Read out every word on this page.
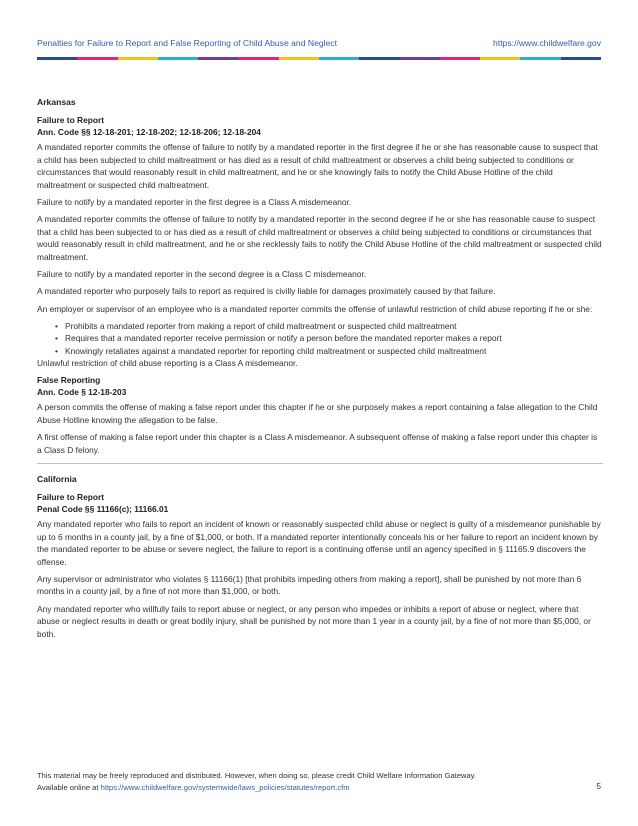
Penalties for Failure to Report and False Reporting of Child Abuse and Neglect	https://www.childwelfare.gov

Arkansas

Failure to Report

Ann. Code §§ 12-18-201; 12-18-202; 12-18-206; 12-18-204

A mandated reporter commits the offense of failure to notify by a mandated reporter in the first degree if he or she has reasonable cause to suspect that a child has been subjected to child maltreatment or has died as a result of child maltreatment or observes a child being subjected to conditions or circumstances that would reasonably result in child maltreatment, and he or she knowingly fails to notify the Child Abuse Hotline of the child maltreatment or suspected child maltreatment.

Failure to notify by a mandated reporter in the first degree is a Class A misdemeanor.

A mandated reporter commits the offense of failure to notify by a mandated reporter in the second degree if he or she has reasonable cause to suspect that a child has been subjected to or has died as a result of child maltreatment or observes a child being subjected to conditions or circumstances that would reasonably result in child maltreatment, and he or she recklessly fails to notify the Child Abuse Hotline of the child maltreatment or suspected child maltreatment.

Failure to notify by a mandated reporter in the second degree is a Class C misdemeanor.

A mandated reporter who purposely fails to report as required is civilly liable for damages proximately caused by that failure.

An employer or supervisor of an employee who is a mandated reporter commits the offense of unlawful restriction of child abuse reporting if he or she:

• Prohibits a mandated reporter from making a report of child maltreatment or suspected child maltreatment
• Requires that a mandated reporter receive permission or notify a person before the mandated reporter makes a report
• Knowingly retaliates against a mandated reporter for reporting child maltreatment or suspected child maltreatment

Unlawful restriction of child abuse reporting is a Class A misdemeanor.

False Reporting

Ann. Code § 12-18-203

A person commits the offense of making a false report under this chapter if he or she purposely makes a report containing a false allegation to the Child Abuse Hotline knowing the allegation to be false.

A first offense of making a false report under this chapter is a Class A misdemeanor. A subsequent offense of making a false report under this chapter is a Class D felony.

California

Failure to Report

Penal Code §§ 11166(c); 11166.01

Any mandated reporter who fails to report an incident of known or reasonably suspected child abuse or neglect is guilty of a misdemeanor punishable by up to 6 months in a county jail, by a fine of $1,000, or both. If a mandated reporter intentionally conceals his or her failure to report an incident known by the mandated reporter to be abuse or severe neglect, the failure to report is a continuing offense until an agency specified in § 11165.9 discovers the offense.

Any supervisor or administrator who violates § 11166(1) [that prohibits impeding others from making a report], shall be punished by not more than 6 months in a county jail, by a fine of not more than $1,000, or both.

Any mandated reporter who willfully fails to report abuse or neglect, or any person who impedes or inhibits a report of abuse or neglect, where that abuse or neglect results in death or great bodily injury, shall be punished by not more than 1 year in a county jail, by a fine of not more than $5,000, or both.

This material may be freely reproduced and distributed. However, when doing so, please credit Child Welfare Information Gateway.
Available online at https://www.childwelfare.gov/systemwide/laws_policies/statutes/report.cfm	5
